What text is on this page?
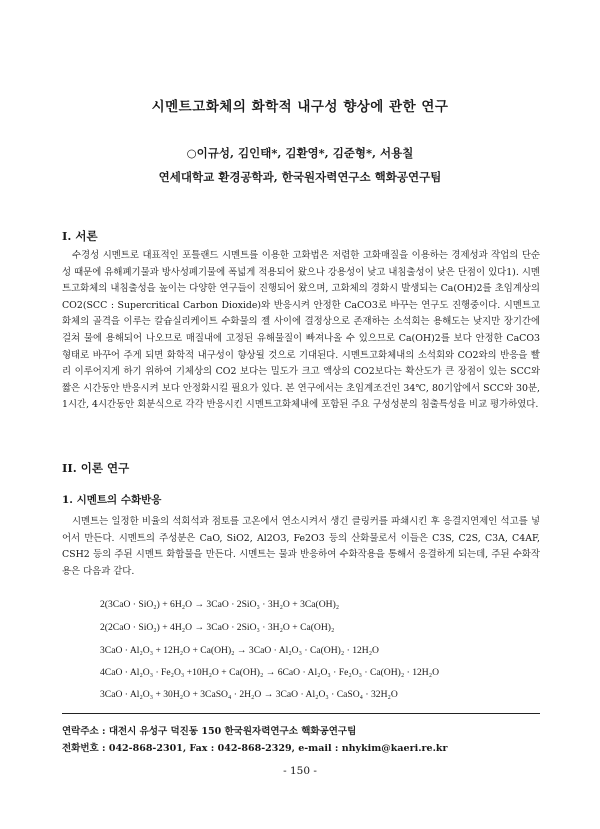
시멘트고화체의 화학적 내구성 향상에 관한 연구
○이규성, 김인태*, 김환영*, 김준형*, 서용칠
연세대학교 환경공학과, 한국원자력연구소 핵화공연구팀
I. 서론

수경성 시멘트로 대표적인 포틀랜드 시멘트를 이용한 고화법은 저렴한 고화매질을 이용하는 경제성과 작업의 단순성 때문에 유해폐기물과 방사성폐기물에 폭넓게 적용되어 왔으나 강용성이 낮고 내침출성이 낮은 단점이 있다1). 시멘트고화체의 내침출성을 높이는 다양한 연구들이 진행되어 왔으며, 고화체의 경화시 발생되는 Ca(OH)2를 초임계상의 CO2(SCC : Supercritical Carbon Dioxide)와 반응시켜 안정한 CaCO3로 바꾸는 연구도 진행중이다. 시멘트고화체의 골격을 이루는 칼슘실리케이트 수화물의 젤 사이에 결정상으로 존재하는 소석회는 용해도는 낮지만 장기간에 걸쳐 물에 용해되어 나오므로 매질내에 고정된 유해물질이 빠져나올 수 있으므로 Ca(OH)2를 보다 안정한 CaCO3 형태로 바꾸어 주게 되면 화학적 내구성이 향상될 것으로 기대된다. 시멘트고화체내의 소석회와 CO2와의 반응을 빨리 이루어지게 하기 위하여 기체상의 CO2 보다는 밀도가 크고 액상의 CO2보다는 확산도가 큰 장점이 있는 SCC와 짧은 시간동안 반응시켜 보다 안정화시킬 필요가 있다. 본 연구에서는 초임계조건인 34℃, 80기압에서 SCC와 30분, 1시간, 4시간동안 회분식으로 각각 반응시킨 시멘트고화체내에 포함된 주요 구성성분의 침출특성을 비교 평가하였다.

II. 이론 연구
1. 시멘트의 수화반응

시멘트는 일정한 비율의 석회석과 점토를 고온에서 연소시켜서 생긴 클링커를 파쇄시킨 후 응결지연제인 석고를 넣어서 만든다. 시멘트의 주성분은 CaO, SiO2, Al2O3, Fe2O3 등의 산화물로서 이들은 C3S, C2S, C3A, C4AF, CSH2 등의 주된 시멘트 화합물을 만든다. 시멘트는 물과 반응하여 수화작용을 통해서 응결하게 되는데, 주된 수화작용은 다음과 같다.

2(3CaO · SiO₂) + 6H₂O → 3CaO · 2SiO₃ · 3H₂O + 3Ca(OH)₂
2(2CaO · SiO₂) + 4H₂O → 3CaO · 2SiO₃ · 3H₂O + Ca(OH)₂
3CaO · Al₂O₃ + 12H₂O + Ca(OH)₂ → 3CaO · Al₂O₃ · Ca(OH)₂ · 12H₂O
4CaO · Al₂O₃ · Fe₂O₃ +10H₂O + Ca(OH)₂ → 6CaO · Al₂O₃ · Fe₂O₃ · Ca(OH)₂ · 12H₂O
3CaO · Al₂O₃ + 30H₂O + 3CaSO₄ · 2H₂O → 3CaO · Al₂O₃ · CaSO₄ · 32H₂O
연락주소 : 대전시 유성구 덕진동 150 한국원자력연구소 핵화공연구팀
전화번호 : 042-868-2301, Fax : 042-868-2329, e-mail : nhykim@kaeri.re.kr
- 150 -
